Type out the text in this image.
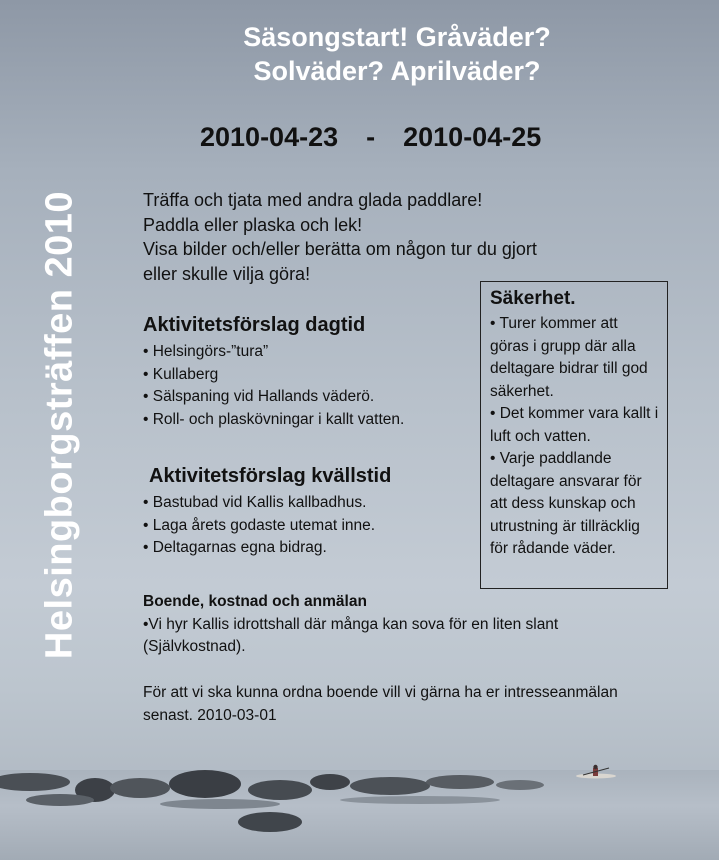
Helsingborgsträffen 2010
Säsongstart! Gråväder?
Solväder? Aprilväder?
2010-04-23 - 2010-04-25
Träffa och tjata med andra glada paddlare!
Paddla eller plaska och lek!
Visa bilder och/eller berätta om någon tur du gjort
eller skulle vilja göra!
Aktivitetsförslag dagtid
• Helsingörs-”tura”
• Kullaberg
• Sälspaning vid Hallands väderö.
• Roll- och plaskövningar i kallt vatten.
Aktivitetsförslag kvällstid
• Bastubad vid Kallis kallbadhus.
• Laga årets godaste utemat inne.
• Deltagarnas egna bidrag.
Säkerhet.
• Turer kommer att göras i grupp där alla deltagare bidrar till god säkerhet.
• Det kommer vara kallt i luft och vatten.
• Varje paddlande deltagare ansvarar för att dess kunskap och utrustning är tillräcklig för rådande väder.
Boende, kostnad och anmälan

•Vi hyr Kallis idrottshall där många kan sova för en liten slant (Självkostnad).

För att vi ska kunna ordna boende vill vi gärna ha er intresseanmälan senast. 2010-03-01
